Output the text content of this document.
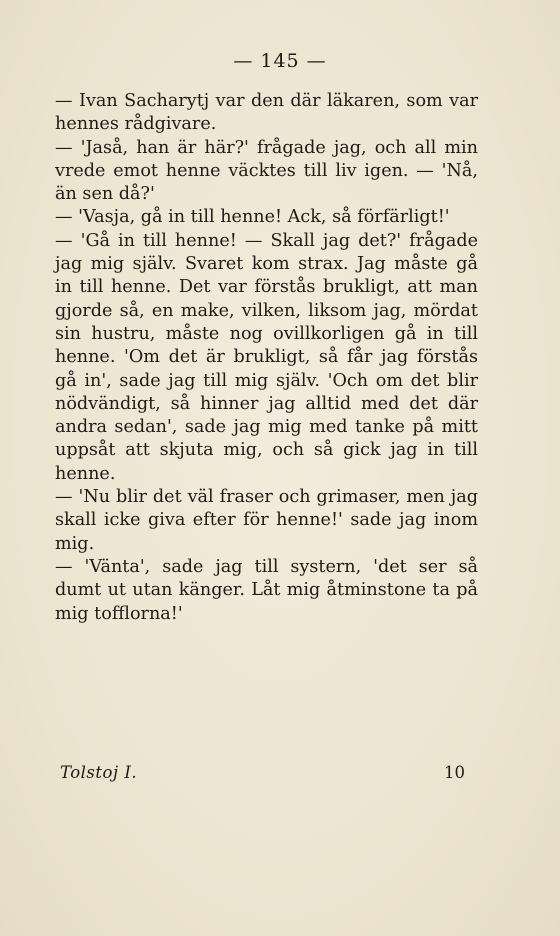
— 145 —

— Ivan Sacharytj var den där läkaren, som var hennes rådgivare.

— 'Jaså, han är här?' frågade jag, och all min vrede emot henne väcktes till liv igen. — 'Nå, än sen då?'

— 'Vasja, gå in till henne! Ack, så förfärligt!'

— 'Gå in till henne! — Skall jag det?' frågade jag mig själv. Svaret kom strax. Jag måste gå in till henne. Det var förstås brukligt, att man gjorde så, en make, vilken, liksom jag, mördat sin hustru, måste nog ovillkorligen gå in till henne. 'Om det är brukligt, så får jag förstås gå in', sade jag till mig själv. 'Och om det blir nödvändigt, så hinner jag alltid med det där andra sedan', sade jag mig med tanke på mitt uppsåt att skjuta mig, och så gick jag in till henne.

— 'Nu blir det väl fraser och grimaser, men jag skall icke giva efter för henne!' sade jag inom mig.

— 'Vänta', sade jag till systern, 'det ser så dumt ut utan känger. Låt mig åtminstone ta på mig tofflorna!'

Tolstoj I.	10
